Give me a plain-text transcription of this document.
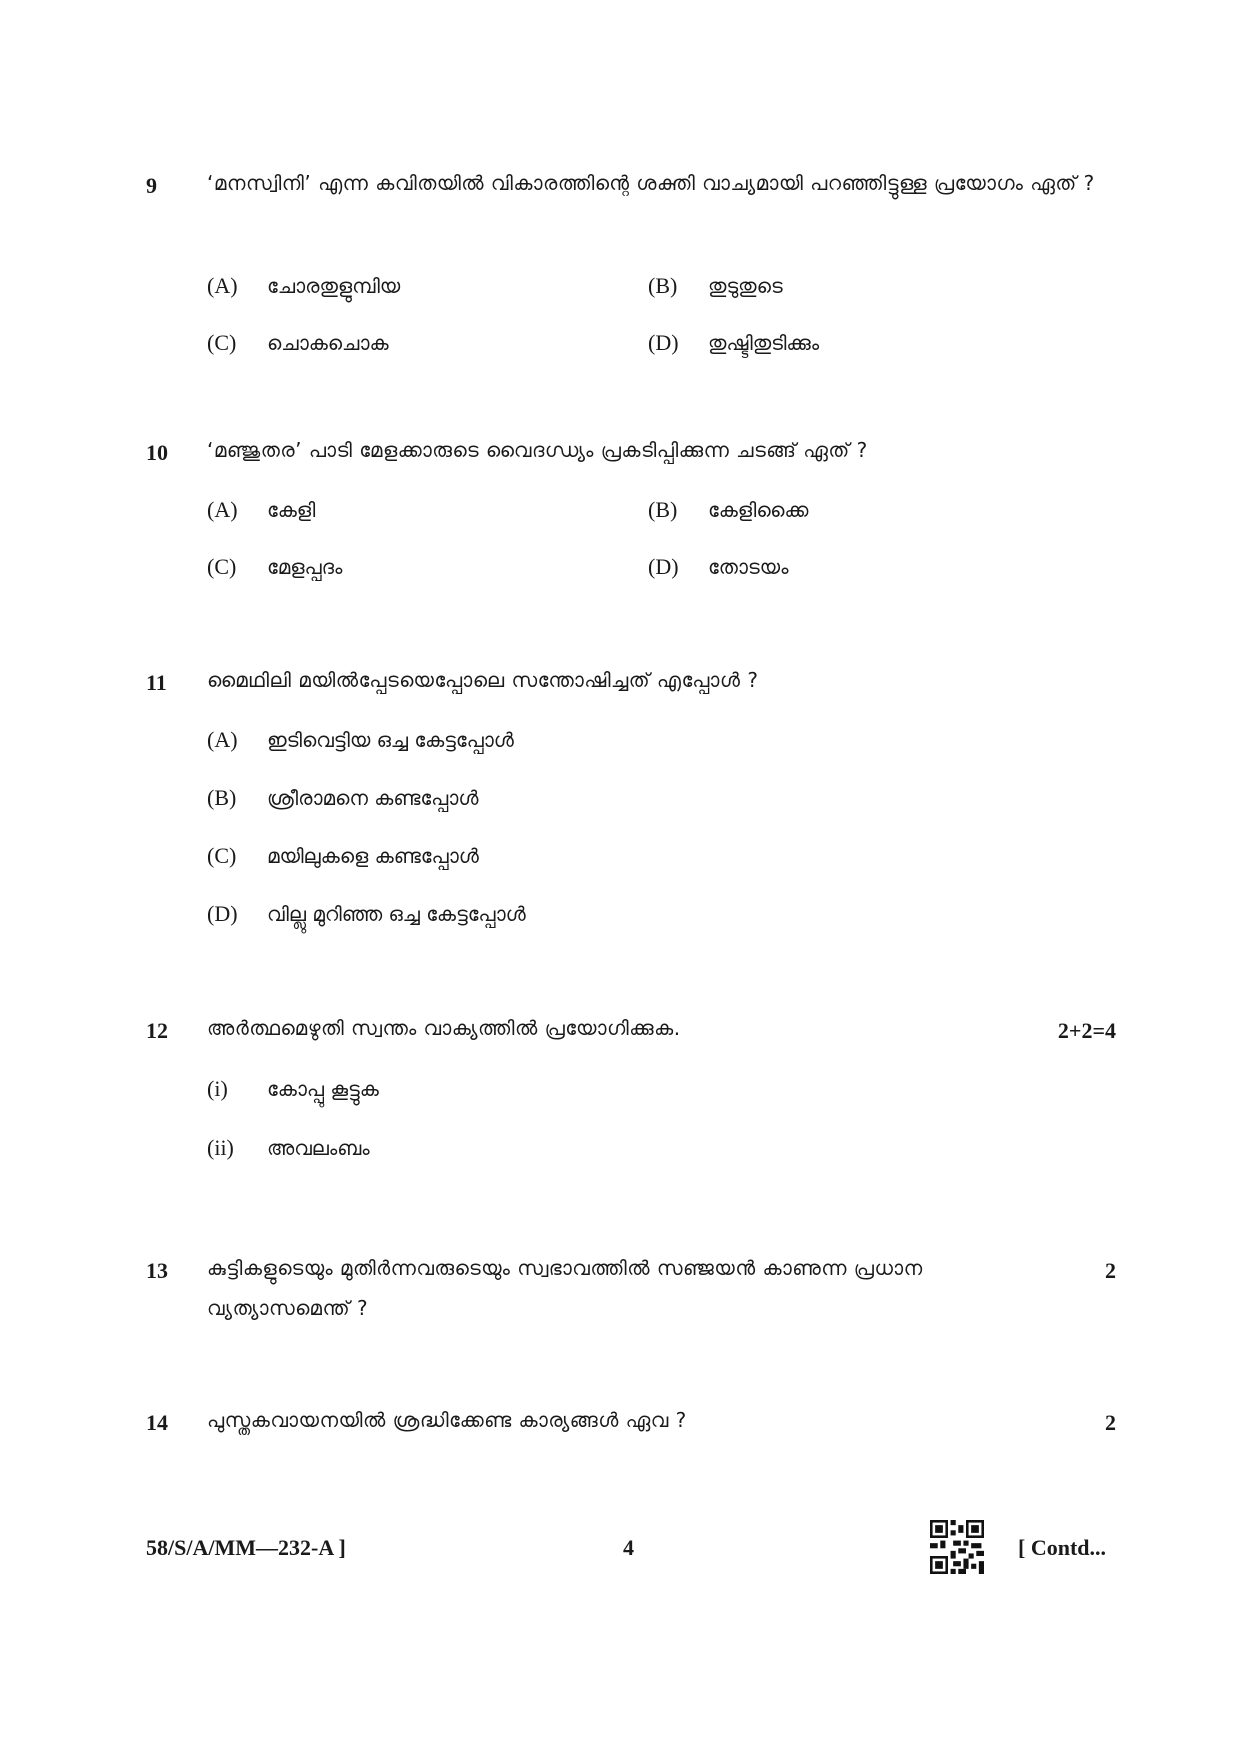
9	‘മനസ്വിനി’ എന്ന കവിതയിൽ വികാരത്തിന്റെ ശക്തി വാച്യമായി പറഞ്ഞിട്ടുള്ള പ്രയോഗം ഏത് ?
(A) ചോരതുളുമ്പിയ	(B) തുടുതുടെ
(C) ചൊകചൊക	(D) തുഷ്ടിതുടിക്കും
10 ‘മഞ്ജുതര’ പാടി മേളക്കാരുടെ വൈദഗ്ധ്യം പ്രകടിപ്പിക്കുന്ന ചടങ്ങ് ഏത് ?
(A) കേളി	(B) കേളിക്കൈ
(C) മേളപ്പദം	(D) തോടയം
11 മൈഥിലി മയിൽപ്പേടയെപ്പോലെ സന്തോഷിച്ചത് എപ്പോൾ ?
(A) ഇടിവെട്ടിയ ഒച്ച കേട്ടപ്പോൾ
(B) ശ്രീരാമനെ കണ്ടപ്പോൾ
(C) മയിലുകളെ കണ്ടപ്പോൾ
(D) വില്ലു മുറിഞ്ഞ ഒച്ച കേട്ടപ്പോൾ
12 അർത്ഥമെഴുതി സ്വന്തം വാക്യത്തിൽ പ്രയോഗിക്കുക.	2+2=4
(i) കോപ്പു കൂട്ടുക
(ii) അവലംബം
13 കുട്ടികളുടെയും മുതിർന്നവരുടെയും സ്വഭാവത്തിൽ സഞ്ജയൻ കാണുന്ന പ്രധാന വ്യത്യാസമെന്ത് ?
2
14 പുസ്തകവായനയിൽ ശ്രദ്ധിക്കേണ്ട കാര്യങ്ങൾ ഏവ ?	2
58/S/A/MM—232-A ]	4	[ Contd...
